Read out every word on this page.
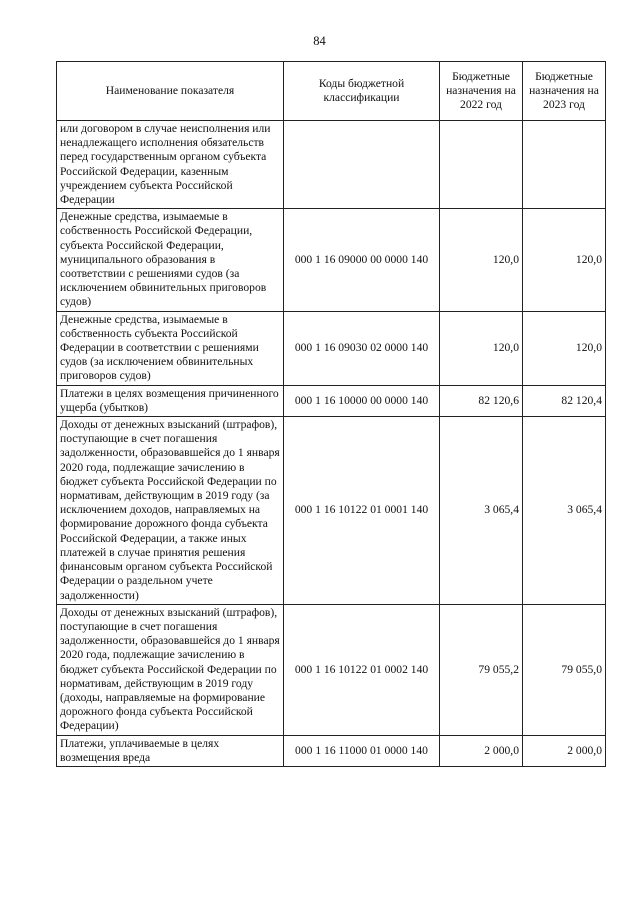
84
Наименование показателя	Коды бюджетной классификации	Бюджетные назначения на 2022 год	Бюджетные назначения на 2023 год
или договором в случае неисполнения или ненадлежащего исполнения обязательств перед государственным органом субъекта Российской Федерации, казенным учреждением субъекта Российской Федерации			
Денежные средства, изымаемые в собственность Российской Федерации, субъекта Российской Федерации, муниципального образования в соответствии с решениями судов (за исключением обвинительных приговоров судов)	000 1 16 09000 00 0000 140	120,0	120,0
Денежные средства, изымаемые в собственность субъекта Российской Федерации в соответствии с решениями судов (за исключением обвинительных приговоров судов)	000 1 16 09030 02 0000 140	120,0	120,0
Платежи в целях возмещения причиненного ущерба (убытков)	000 1 16 10000 00 0000 140	82 120,6	82 120,4
Доходы от денежных взысканий (штрафов), поступающие в счет погашения задолженности, образовавшейся до 1 января 2020 года, подлежащие зачислению в бюджет субъекта Российской Федерации по нормативам, действующим в 2019 году (за исключением доходов, направляемых на формирование дорожного фонда субъекта Российской Федерации, а также иных платежей в случае принятия решения финансовым органом субъекта Российской Федерации о раздельном учете задолженности)	000 1 16 10122 01 0001 140	3 065,4	3 065,4
Доходы от денежных взысканий (штрафов), поступающие в счет погашения задолженности, образовавшейся до 1 января 2020 года, подлежащие зачислению в бюджет субъекта Российской Федерации по нормативам, действующим в 2019 году (доходы, направляемые на формирование дорожного фонда субъекта Российской Федерации)	000 1 16 10122 01 0002 140	79 055,2	79 055,0
Платежи, уплачиваемые в целях возмещения вреда	000 1 16 11000 01 0000 140	2 000,0	2 000,0
